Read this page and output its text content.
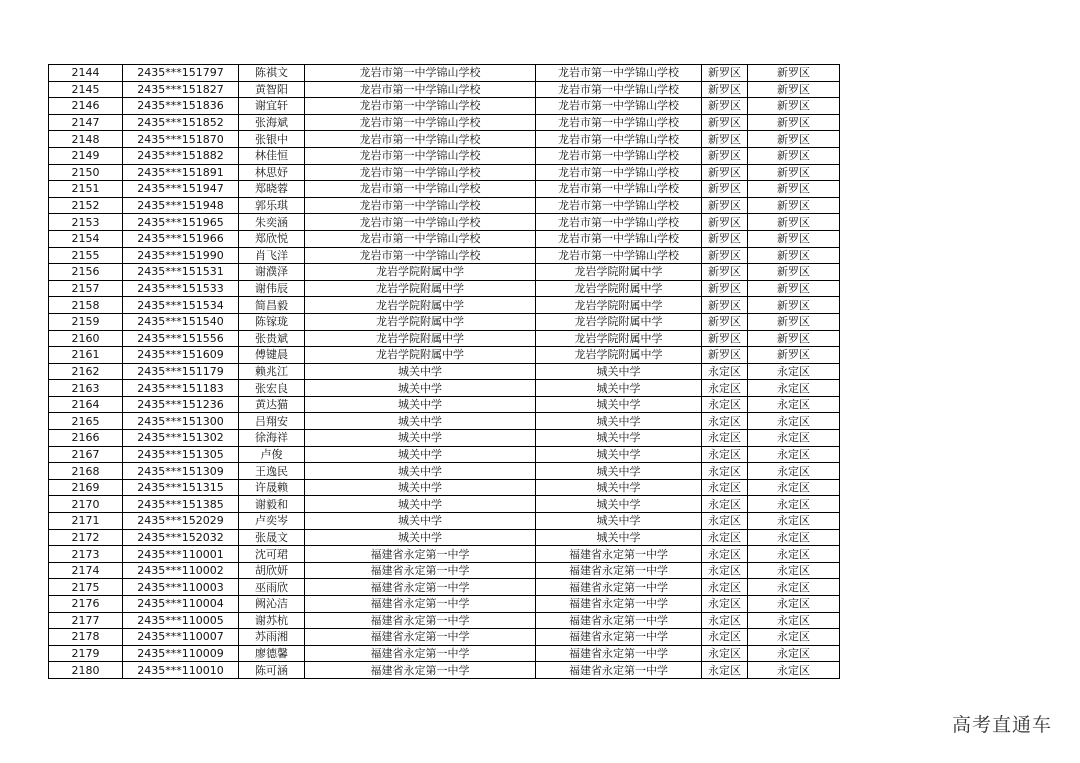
2144	2435***151797	陈祺文	龙岩市第一中学锦山学校	龙岩市第一中学锦山学校	新罗区	新罗区
2145	2435***151827	黄智阳	龙岩市第一中学锦山学校	龙岩市第一中学锦山学校	新罗区	新罗区
2146	2435***151836	谢宜轩	龙岩市第一中学锦山学校	龙岩市第一中学锦山学校	新罗区	新罗区
2147	2435***151852	张海斌	龙岩市第一中学锦山学校	龙岩市第一中学锦山学校	新罗区	新罗区
2148	2435***151870	张银中	龙岩市第一中学锦山学校	龙岩市第一中学锦山学校	新罗区	新罗区
2149	2435***151882	林佳恒	龙岩市第一中学锦山学校	龙岩市第一中学锦山学校	新罗区	新罗区
2150	2435***151891	林思妤	龙岩市第一中学锦山学校	龙岩市第一中学锦山学校	新罗区	新罗区
2151	2435***151947	郑晓蓉	龙岩市第一中学锦山学校	龙岩市第一中学锦山学校	新罗区	新罗区
2152	2435***151948	郭乐琪	龙岩市第一中学锦山学校	龙岩市第一中学锦山学校	新罗区	新罗区
2153	2435***151965	朱奕涵	龙岩市第一中学锦山学校	龙岩市第一中学锦山学校	新罗区	新罗区
2154	2435***151966	郑欣悦	龙岩市第一中学锦山学校	龙岩市第一中学锦山学校	新罗区	新罗区
2155	2435***151990	肖飞洋	龙岩市第一中学锦山学校	龙岩市第一中学锦山学校	新罗区	新罗区
2156	2435***151531	谢濮泽	龙岩学院附属中学	龙岩学院附属中学	新罗区	新罗区
2157	2435***151533	谢伟辰	龙岩学院附属中学	龙岩学院附属中学	新罗区	新罗区
2158	2435***151534	简昌毅	龙岩学院附属中学	龙岩学院附属中学	新罗区	新罗区
2159	2435***151540	陈镓珑	龙岩学院附属中学	龙岩学院附属中学	新罗区	新罗区
2160	2435***151556	张贵斌	龙岩学院附属中学	龙岩学院附属中学	新罗区	新罗区
2161	2435***151609	傅键晨	龙岩学院附属中学	龙岩学院附属中学	新罗区	新罗区
2162	2435***151179	赖兆江	城关中学	城关中学	永定区	永定区
2163	2435***151183	张宏良	城关中学	城关中学	永定区	永定区
2164	2435***151236	黄达猫	城关中学	城关中学	永定区	永定区
2165	2435***151300	吕翔安	城关中学	城关中学	永定区	永定区
2166	2435***151302	徐海祥	城关中学	城关中学	永定区	永定区
2167	2435***151305	卢俊	城关中学	城关中学	永定区	永定区
2168	2435***151309	王逸民	城关中学	城关中学	永定区	永定区
2169	2435***151315	许晟赖	城关中学	城关中学	永定区	永定区
2170	2435***151385	谢毅和	城关中学	城关中学	永定区	永定区
2171	2435***152029	卢奕岑	城关中学	城关中学	永定区	永定区
2172	2435***152032	张晟文	城关中学	城关中学	永定区	永定区
2173	2435***110001	沈可珺	福建省永定第一中学	福建省永定第一中学	永定区	永定区
2174	2435***110002	胡欣妍	福建省永定第一中学	福建省永定第一中学	永定区	永定区
2175	2435***110003	巫雨欣	福建省永定第一中学	福建省永定第一中学	永定区	永定区
2176	2435***110004	阙沁洁	福建省永定第一中学	福建省永定第一中学	永定区	永定区
2177	2435***110005	谢苏杭	福建省永定第一中学	福建省永定第一中学	永定区	永定区
2178	2435***110007	苏雨湘	福建省永定第一中学	福建省永定第一中学	永定区	永定区
2179	2435***110009	廖德馨	福建省永定第一中学	福建省永定第一中学	永定区	永定区
2180	2435***110010	陈可涵	福建省永定第一中学	福建省永定第一中学	永定区	永定区
高考直通车
